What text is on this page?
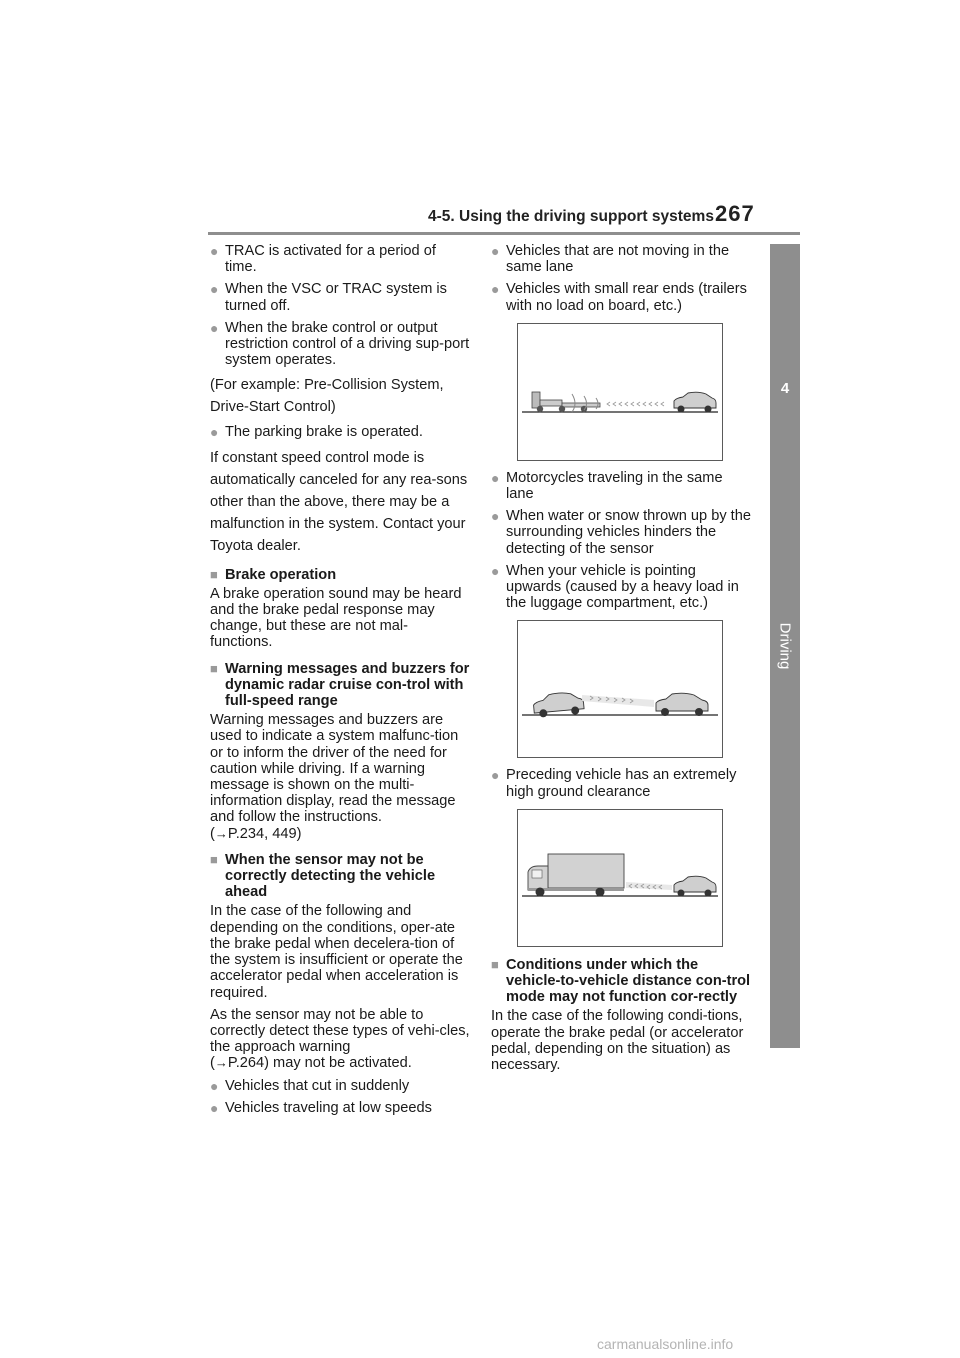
4-5. Using the driving support systems 267
4
Driving
● TRAC is activated for a period of time.
● When the VSC or TRAC system is turned off.
● When the brake control or output restriction control of a driving sup-port system operates.
(For example: Pre-Collision System, Drive-Start Control)
● The parking brake is operated.
If constant speed control mode is automatically canceled for any rea-sons other than the above, there may be a malfunction in the system. Contact your Toyota dealer.
■ Brake operation
A brake operation sound may be heard and the brake pedal response may change, but these are not mal-functions.
■ Warning messages and buzzers for dynamic radar cruise con-trol with full-speed range
Warning messages and buzzers are used to indicate a system malfunc-tion or to inform the driver of the need for caution while driving. If a warning message is shown on the multi-information display, read the message and follow the instructions.
(→P.234, 449)
■ When the sensor may not be correctly detecting the vehicle ahead
In the case of the following and depending on the conditions, oper-ate the brake pedal when decelera-tion of the system is insufficient or operate the accelerator pedal when acceleration is required.
As the sensor may not be able to correctly detect these types of vehi-cles, the approach warning
(→P.264) may not be activated.
● Vehicles that cut in suddenly
● Vehicles traveling at low speeds
● Vehicles that are not moving in the same lane
● Vehicles with small rear ends (trailers with no load on board, etc.)
● Motorcycles traveling in the same lane
● When water or snow thrown up by the surrounding vehicles hinders the detecting of the sensor
● When your vehicle is pointing upwards (caused by a heavy load in the luggage compartment, etc.)
● Preceding vehicle has an extremely high ground clearance
■ Conditions under which the vehicle-to-vehicle distance con-trol mode may not function cor-rectly
In the case of the following condi-tions, operate the brake pedal (or accelerator pedal, depending on the situation) as necessary.
carmanualsonline.info
